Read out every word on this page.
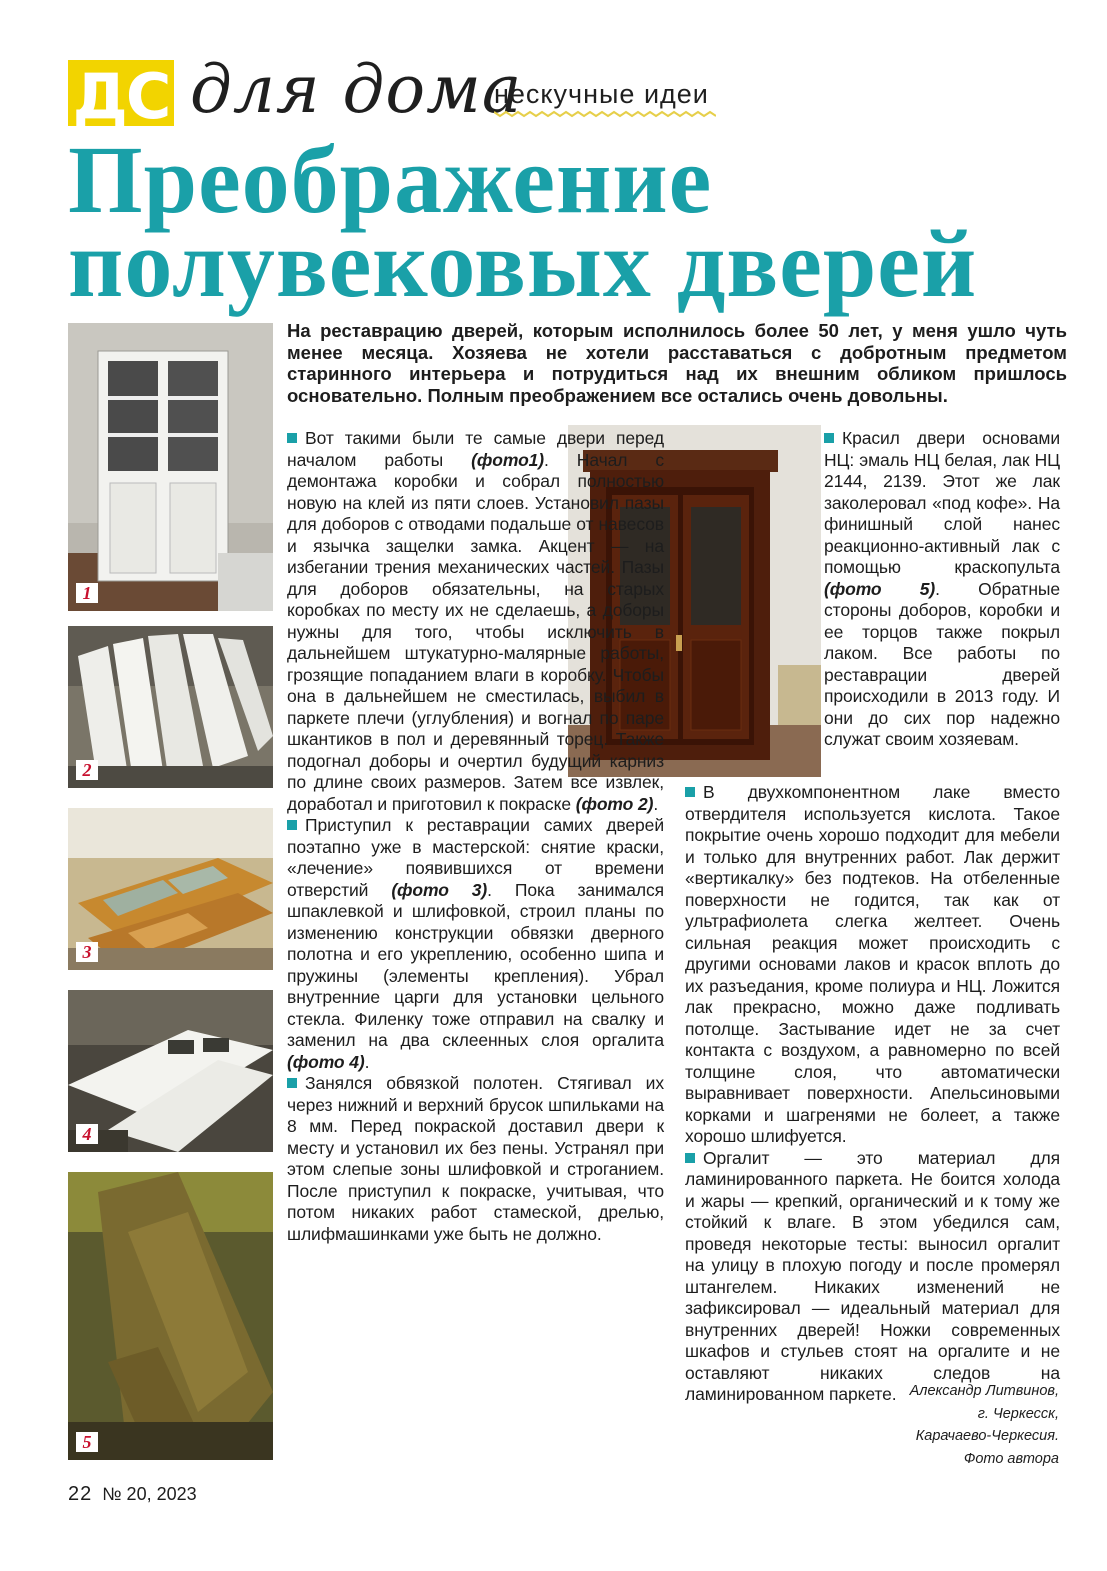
ДС для дома
нескучные идеи
Преображение
полувековых дверей
На реставрацию дверей, которым исполнилось более 50 лет, у меня ушло чуть менее месяца. Хозяева не хотели расставаться с добротным предметом старинного интерьера и потрудиться над их внешним обликом пришлось основательно. Полным преображением все остались очень довольны.
1
2
3
4
5

Вот такими были те самые двери перед началом работы (фото1). Начал с демонтажа коробки и собрал полностью новую на клей из пяти слоев. Установил пазы для доборов с отводами подальше от навесов и язычка защелки замка. Акцент — на избегании трения механических частей. Пазы для доборов обязательны, на старых коробках по месту их не сделаешь, а доборы нужны для того, чтобы исключить в дальнейшем штукатурно-малярные работы, грозящие попаданием влаги в коробку. Чтобы она в дальнейшем не сместилась, выбил в паркете плечи (углубления) и вогнал по паре шкантиков в пол и деревянный торец. Также подогнал доборы и очертил будущий карниз по длине своих размеров. Затем все извлек, доработал и приготовил к покраске (фото 2).

Приступил к реставрации самих дверей поэтапно уже в мастерской: снятие краски, «лечение» появившихся от времени отверстий (фото 3). Пока занимался шпаклевкой и шлифовкой, строил планы по изменению конструкции обвязки дверного полотна и его укреплению, особенно шипа и пружины (элементы крепления). Убрал внутренние царги для установки цельного стекла. Филенку тоже отправил на свалку и заменил на два склеенных слоя оргалита (фото 4).

Занялся обвязкой полотен. Стягивал их через нижний и верхний брусок шпильками на 8 мм. Перед покраской доставил двери к месту и установил их без пены. Устранял при этом слепые зоны шлифовкой и строганием. После приступил к покраске, учитывая, что потом никаких работ стамеской, дрелью, шлифмашинками уже быть не должно.

Красил двери основами НЦ: эмаль НЦ белая, лак НЦ 2144, 2139. Этот же лак заколеровал «под кофе». На финишный слой нанес реакционно-активный лак с помощью краскопульта (фото 5). Обратные стороны доборов, коробки и ее торцов также покрыл лаком. Все работы по реставрации дверей происходили в 2013 году. И они до сих пор надежно служат своим хозяевам.

В двухкомпонентном лаке вместо отвердителя используется кислота. Такое покрытие очень хорошо подходит для мебели и только для внутренних работ. Лак держит «вертикалку» без подтеков. На отбеленные поверхности не годится, так как от ультрафиолета слегка желтеет. Очень сильная реакция может происходить с другими основами лаков и красок вплоть до их разъедания, кроме полиура и НЦ. Ложится лак прекрасно, можно даже подливать потолще. Застывание идет не за счет контакта с воздухом, а равномерно по всей толщине слоя, что автоматически выравнивает поверхности. Апельсиновыми корками и шагренями не болеет, а также хорошо шлифуется.

Оргалит — это материал для ламинированного паркета. Не боится холода и жары — крепкий, органический и к тому же стойкий к влаге. В этом убедился сам, проведя некоторые тесты: выносил оргалит на улицу в плохую погоду и после промерял штангелем. Никаких изменений не зафиксировал — идеальный материал для внутренних дверей! Ножки современных шкафов и стульев стоят на оргалите и не оставляют никаких следов на ламинированном паркете. Александр Литвинов,
г. Черкесск,
Карачаево-Черкесия.
Фото автора
22 № 20, 2023
